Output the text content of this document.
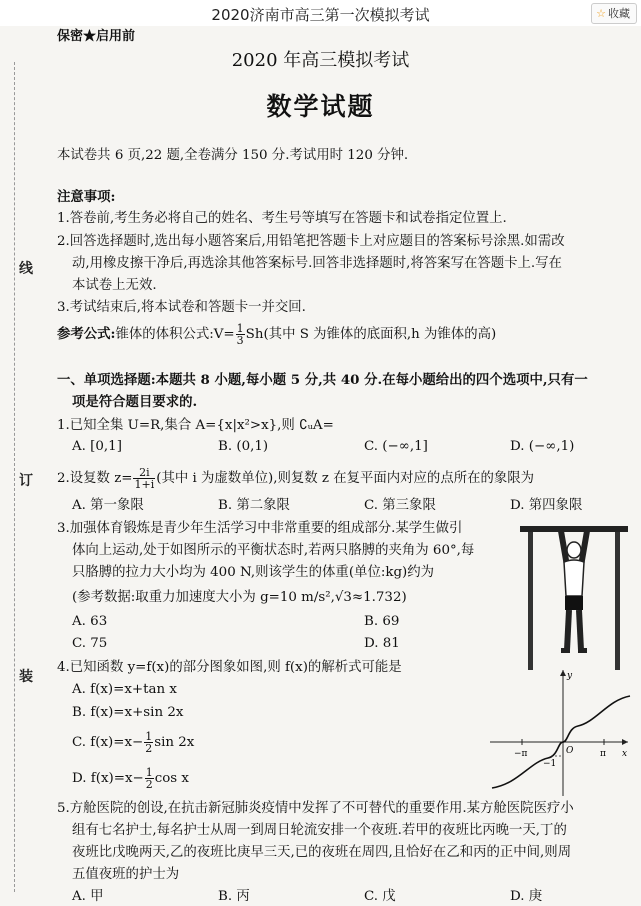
2020济南市高三第一次模拟考试	☆ 收藏
线
订
装
保密★启用前
2020 年高三模拟考试
数学试题
本试卷共 6 页,22 题,全卷满分 150 分.考试用时 120 分钟.
注意事项:
1.答卷前,考生务必将自己的姓名、考生号等填写在答题卡和试卷指定位置上.
2.回答选择题时,选出每小题答案后,用铅笔把答题卡上对应题目的答案标号涂黑.如需改
动,用橡皮擦干净后,再选涂其他答案标号.回答非选择题时,将答案写在答题卡上.写在
本试卷上无效.
3.考试结束后,将本试卷和答题卡一并交回.
参考公式:锥体的体积公式:V= $\frac{1}{3} Sh$(其中 S 为锥体的底面积,h 为锥体的高)
一、单项选择题:本题共 8 小题,每小题 5 分,共 40 分.在每小题给出的四个选项中,只有一
项是符合题目要求的.
1.已知全集 U=R,集合 A={x|x²>x},则 ∁ᵤA=
A. [0,1]	B. (0,1)	C. (−∞,1]	D. (−∞,1)
2.设复数 $z= \frac{2i}{1+i}$ (其中 i 为虚数单位),则复数 z 在复平面内对应的点所在的象限为
A. 第一象限	B. 第二象限	C. 第三象限	D. 第四象限
3.加强体育锻炼是青少年生活学习中非常重要的组成部分.某学生做引
体向上运动,处于如图所示的平衡状态时,若两只胳膊的夹角为 60°,每
只胳膊的拉力大小均为 400 N,则该学生的体重(单位:kg)约为
(参考数据:取重力加速度大小为 g=10 m/s²,√3≈1.732)
A. 63	B. 69
C. 75	D. 81
4.已知函数 y=f(x)的部分图象如图,则 f(x)的解析式可能是
A. f(x)=x+tan x
B. f(x)=x+sin 2x
C. $f(x)=x- \frac{1}{2}$ sin 2x
D. $f(x)=x- \frac{1}{2}$ cos x
−π	π
O	x
y
−1
5.方舱医院的创设,在抗击新冠肺炎疫情中发挥了不可替代的重要作用.某方舱医院医疗小
组有七名护士,每名护士从周一到周日轮流安排一个夜班.若甲的夜班比丙晚一天,丁的
夜班比戊晚两天,乙的夜班比庚早三天,已的夜班在周四,且恰好在乙和丙的正中间,则周
五值夜班的护士为
A. 甲	B. 丙	C. 戊	D. 庚
